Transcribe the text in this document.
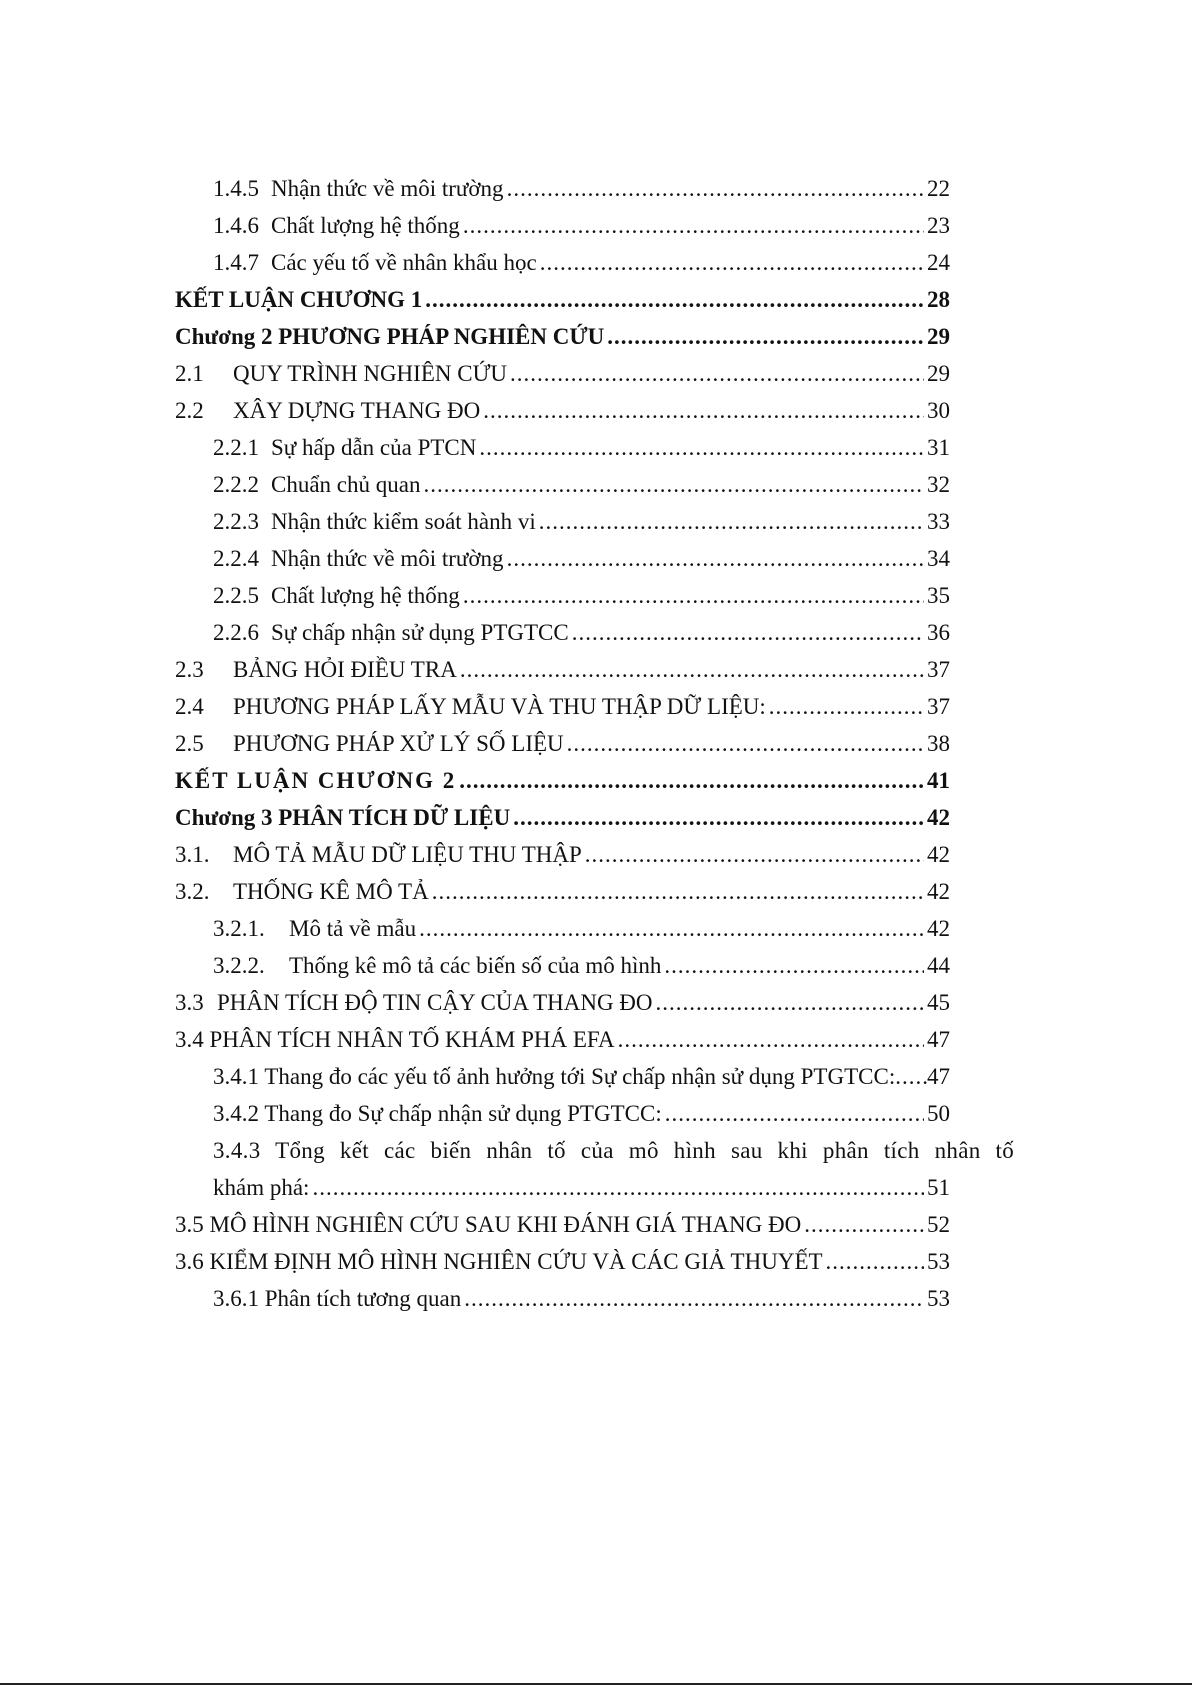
1.4.5 Nhận thức về môi trường .....	22
1.4.6 Chất lượng hệ thống .....	23
1.4.7 Các yếu tố về nhân khẩu học .....	24
KẾT LUẬN CHƯƠNG 1 .....	28
Chương 2 PHƯƠNG PHÁP NGHIÊN CỨU .....	29
2.1 QUY TRÌNH NGHIÊN CỨU .....	29
2.2 XÂY DỰNG THANG ĐO .....	30
2.2.1 Sự hấp dẫn của PTCN .....	31
2.2.2 Chuẩn chủ quan .....	32
2.2.3 Nhận thức kiểm soát hành vi .....	33
2.2.4 Nhận thức về môi trường .....	34
2.2.5 Chất lượng hệ thống .....	35
2.2.6 Sự chấp nhận sử dụng PTGTCC .....	36
2.3 BẢNG HỎI ĐIỀU TRA .....	37
2.4 PHƯƠNG PHÁP LẤY MẪU VÀ THU THẬP DỮ LIỆU: .....	37
2.5 PHƯƠNG PHÁP XỬ LÝ SỐ LIỆU .....	38
KẾT LUẬN CHƯƠNG 2 .....	41
Chương 3 PHÂN TÍCH DỮ LIỆU .....	42
3.1. MÔ TẢ MẪU DỮ LIỆU THU THẬP .....	42
3.2. THỐNG KÊ MÔ TẢ .....	42
3.2.1. Mô tả về mẫu .....	42
3.2.2. Thống kê mô tả các biến số của mô hình .....	44
3.3 PHÂN TÍCH ĐỘ TIN CẬY CỦA THANG ĐO .....	45
3.4 PHÂN TÍCH NHÂN TỐ KHÁM PHÁ EFA .....	47
3.4.1 Thang đo các yếu tố ảnh hưởng tới Sự chấp nhận sử dụng PTGTCC: ..... 47
3.4.2 Thang đo Sự chấp nhận sử dụng PTGTCC: .....	50
3.4.3 Tổng kết các biến nhân tố của mô hình sau khi phân tích nhân tố
khám phá: .....	51
3.5 MÔ HÌNH NGHIÊN CỨU SAU KHI ĐÁNH GIÁ THANG ĐO .....	52
3.6 KIỂM ĐỊNH MÔ HÌNH NGHIÊN CỨU VÀ CÁC GIẢ THUYẾT .....	53
3.6.1 Phân tích tương quan .....	53
